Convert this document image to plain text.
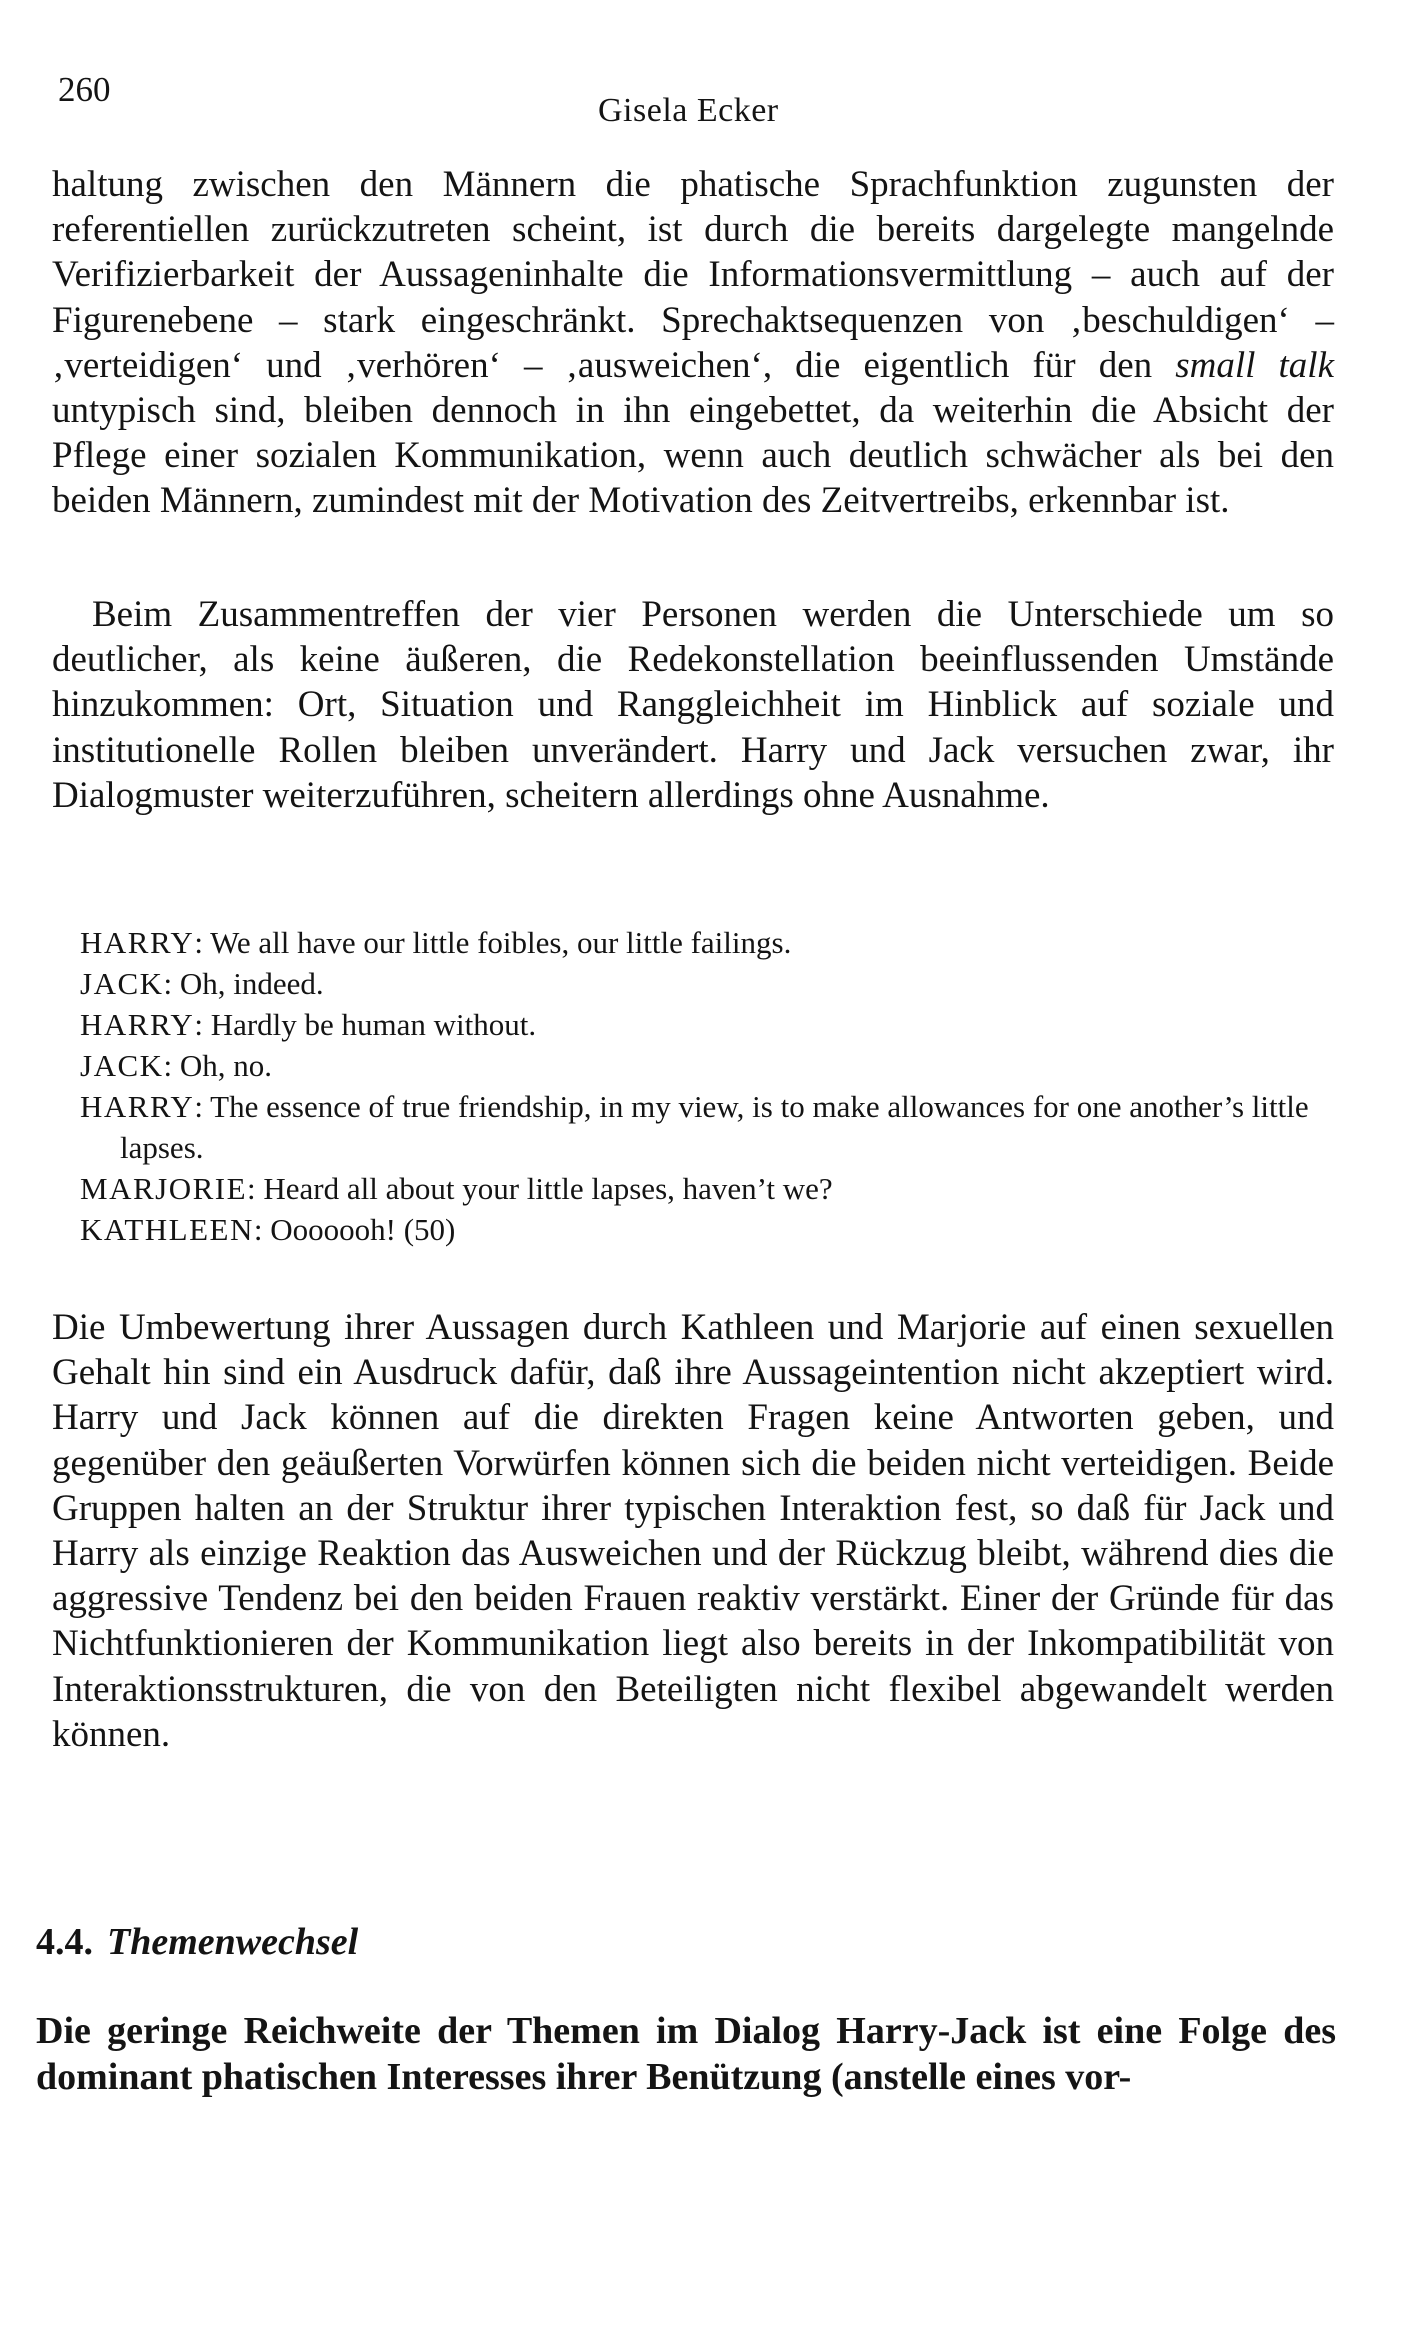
260
Gisela Ecker

haltung zwischen den Männern die phatische Sprachfunktion zugunsten der referentiellen zurückzutreten scheint, ist durch die bereits dargelegte mangelnde Verifizierbarkeit der Aussageninhalte die Informationsvermittlung – auch auf der Figurenebene – stark eingeschränkt. Sprechaktsequenzen von ‚beschuldigen‘ – ‚verteidigen‘ und ‚verhören‘ – ‚ausweichen‘, die eigentlich für den small talk untypisch sind, bleiben dennoch in ihn eingebettet, da weiterhin die Absicht der Pflege einer sozialen Kommunikation, wenn auch deutlich schwächer als bei den beiden Männern, zumindest mit der Motivation des Zeitvertreibs, erkennbar ist.

Beim Zusammentreffen der vier Personen werden die Unterschiede um so deutlicher, als keine äußeren, die Redekonstellation beeinflussenden Umstände hinzukommen: Ort, Situation und Ranggleichheit im Hinblick auf soziale und institutionelle Rollen bleiben unverändert. Harry und Jack versuchen zwar, ihr Dialogmuster weiterzuführen, scheitern allerdings ohne Ausnahme.

HARRY: We all have our little foibles, our little failings.
JACK: Oh, indeed.
HARRY: Hardly be human without.
JACK: Oh, no.
HARRY: The essence of true friendship, in my view, is to make allowances for one another’s little lapses.
MARJORIE: Heard all about your little lapses, haven’t we?
KATHLEEN: Ooooooh! (50)

Die Umbewertung ihrer Aussagen durch Kathleen und Marjorie auf einen sexuellen Gehalt hin sind ein Ausdruck dafür, daß ihre Aussageintention nicht akzeptiert wird. Harry und Jack können auf die direkten Fragen keine Antworten geben, und gegenüber den geäußerten Vorwürfen können sich die beiden nicht verteidigen. Beide Gruppen halten an der Struktur ihrer typischen Interaktion fest, so daß für Jack und Harry als einzige Reaktion das Ausweichen und der Rückzug bleibt, während dies die aggressive Tendenz bei den beiden Frauen reaktiv verstärkt. Einer der Gründe für das Nichtfunktionieren der Kommunikation liegt also bereits in der Inkompatibilität von Interaktionsstrukturen, die von den Beteiligten nicht flexibel abgewandelt werden können.

4.4. Themenwechsel

Die geringe Reichweite der Themen im Dialog Harry-Jack ist eine Folge des dominant phatischen Interesses ihrer Benützung (anstelle eines vor-
